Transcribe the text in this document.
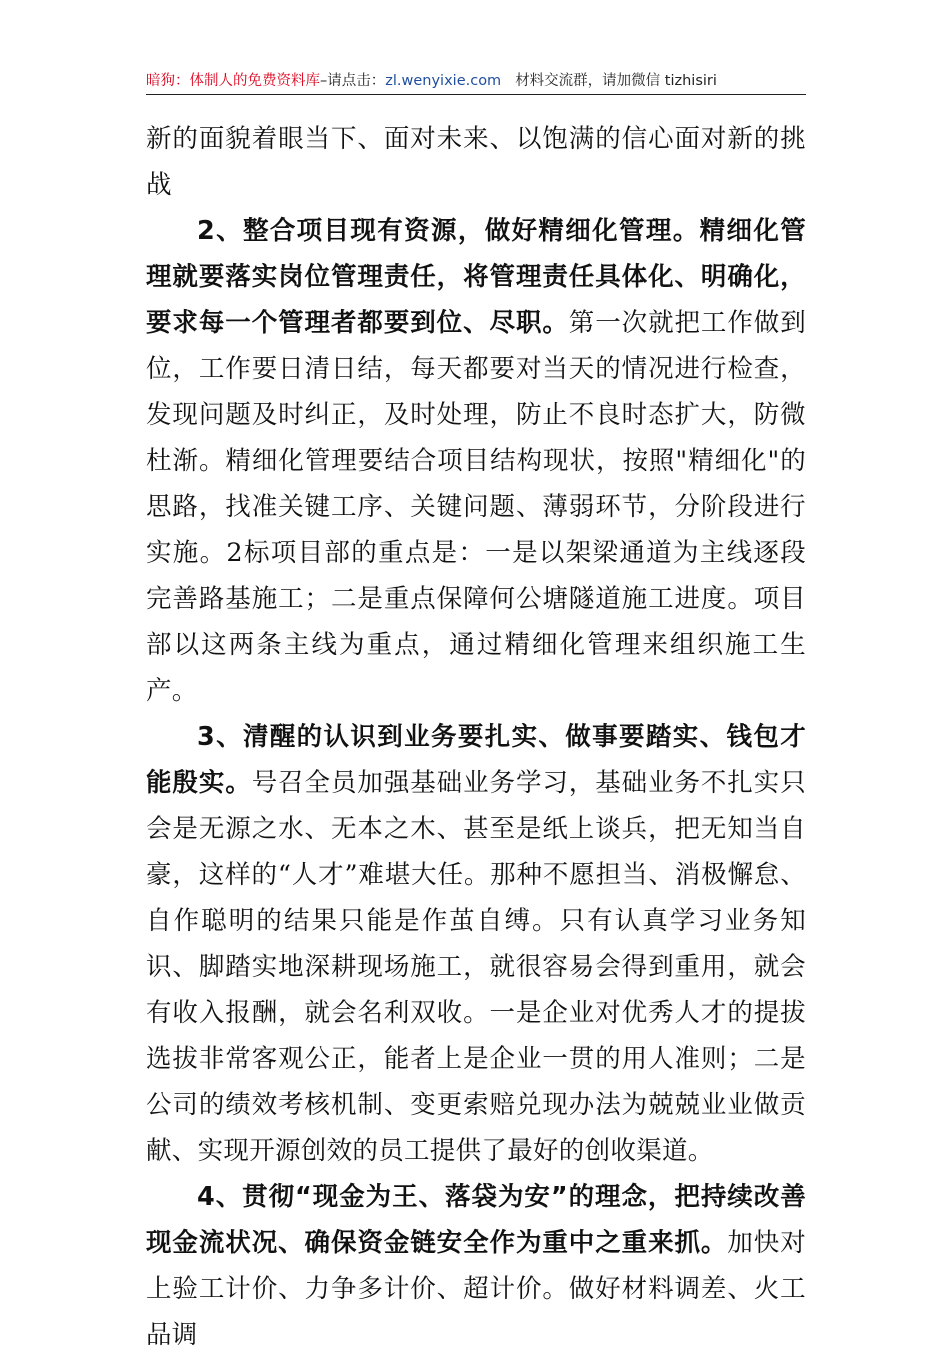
暗狗：体制人的免费资料库–请点击：zl.wenyixie.com 材料交流群，请加微信 tizhisiri

新的面貌着眼当下、面对未来、以饱满的信心面对新的挑战

2、整合项目现有资源，做好精细化管理。精细化管理就要落实岗位管理责任，将管理责任具体化、明确化，要求每一个管理者都要到位、尽职。第一次就把工作做到位，工作要日清日结，每天都要对当天的情况进行检查，发现问题及时纠正，及时处理，防止不良时态扩大，防微杜渐。精细化管理要结合项目结构现状，按照"精细化"的思路，找准关键工序、关键问题、薄弱环节，分阶段进行实施。2标项目部的重点是：一是以架梁通道为主线逐段完善路基施工；二是重点保障何公塘隧道施工进度。项目部以这两条主线为重点，通过精细化管理来组织施工生产。

3、清醒的认识到业务要扎实、做事要踏实、钱包才能殷实。号召全员加强基础业务学习，基础业务不扎实只会是无源之水、无本之木、甚至是纸上谈兵，把无知当自豪，这样的“人才”难堪大任。那种不愿担当、消极懈怠、自作聪明的结果只能是作茧自缚。只有认真学习业务知识、脚踏实地深耕现场施工，就很容易会得到重用，就会有收入报酬，就会名利双收。一是企业对优秀人才的提拔选拔非常客观公正，能者上是企业一贯的用人准则；二是公司的绩效考核机制、变更索赔兑现办法为兢兢业业做贡献、实现开源创效的员工提供了最好的创收渠道。

4、贯彻“现金为王、落袋为安”的理念，把持续改善现金流状况、确保资金链安全作为重中之重来抓。加快对上验工计价、力争多计价、超计价。做好材料调差、火工品调
